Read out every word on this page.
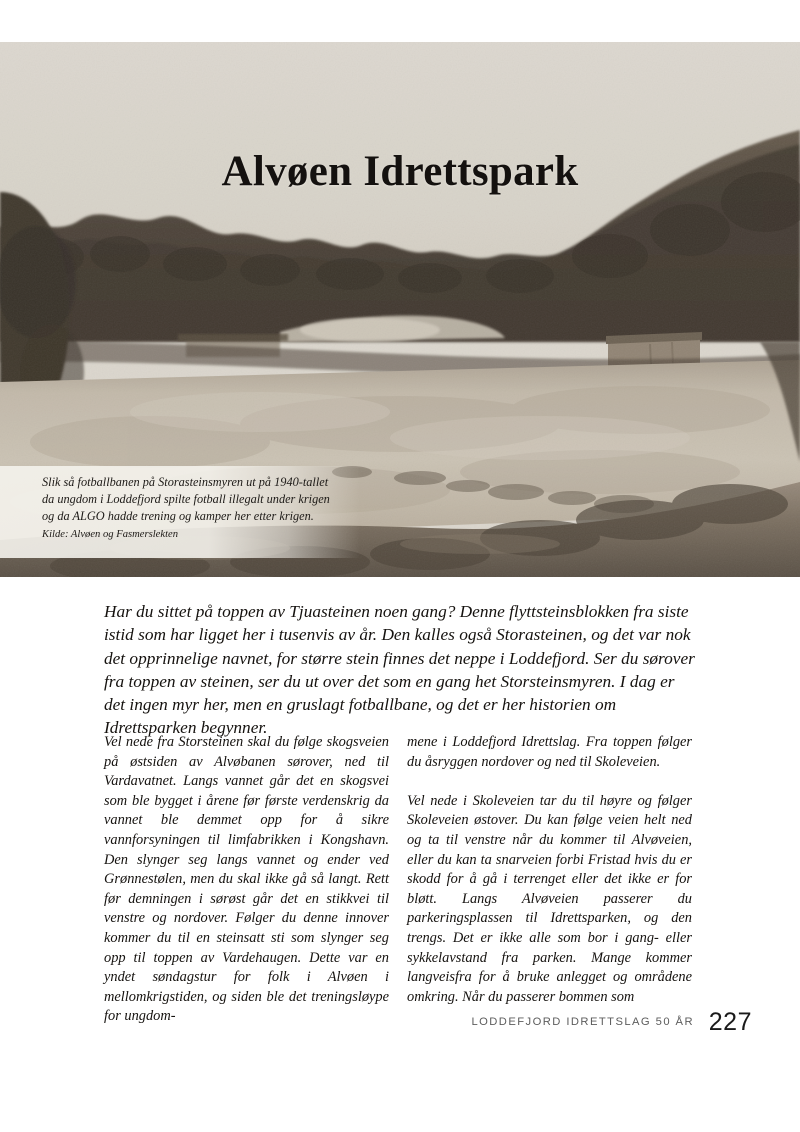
Alvøen Idrettspark
Slik så fotballbanen på Storasteinsmyren ut på 1940-tallet
da ungdom i Loddefjord spilte fotball illegalt under krigen
og da ALGO hadde trening og kamper her etter krigen.
Kilde: Alvøen og Fasmerslekten
Har du sittet på toppen av Tjuasteinen noen gang? Denne flyttsteinsblokken fra siste istid som har ligget her i tusenvis av år. Den kalles også Storasteinen, og det var nok det opprinnelige navnet, for større stein finnes det neppe i Loddefjord. Ser du sørover fra toppen av steinen, ser du ut over det som en gang het Storsteinsmyren. I dag er det ingen myr her, men en gruslagt fotballbane, og det er her historien om Idrettsparken begynner.

Vel nede fra Storsteinen skal du følge skogsveien på østsiden av Alvøbanen sørover, ned til Vardavatnet. Langs vannet går det en skogsvei som ble bygget i årene før første verdenskrig da vannet ble demmet opp for å sikre vannforsyningen til limfabrikken i Kongshavn. Den slynger seg langs vannet og ender ved Grønnestølen, men du skal ikke gå så langt. Rett før demningen i sørøst går det en stikkvei til venstre og nordover. Følger du denne innover kommer du til en steinsatt sti som slynger seg opp til toppen av Vardehaugen. Dette var en yndet søndagstur for folk i Alvøen i mellomkrigstiden, og siden ble det treningsløype for ungdom-

mene i Loddefjord Idrettslag. Fra toppen følger du åsryggen nordover og ned til Skoleveien.

Vel nede i Skoleveien tar du til høyre og følger Skoleveien østover. Du kan følge veien helt ned og ta til venstre når du kommer til Alvøveien, eller du kan ta snarveien forbi Fristad hvis du er skodd for å gå i terrenget eller det ikke er for bløtt. Langs Alvøveien passerer du parkeringsplassen til Idrettsparken, og den trengs. Det er ikke alle som bor i gang- eller sykkelavstand fra parken. Mange kommer langveisfra for å bruke anlegget og områdene omkring. Når du passerer bommen som

LODDEFJORD IDRETTSLAG 50 ÅR 227
